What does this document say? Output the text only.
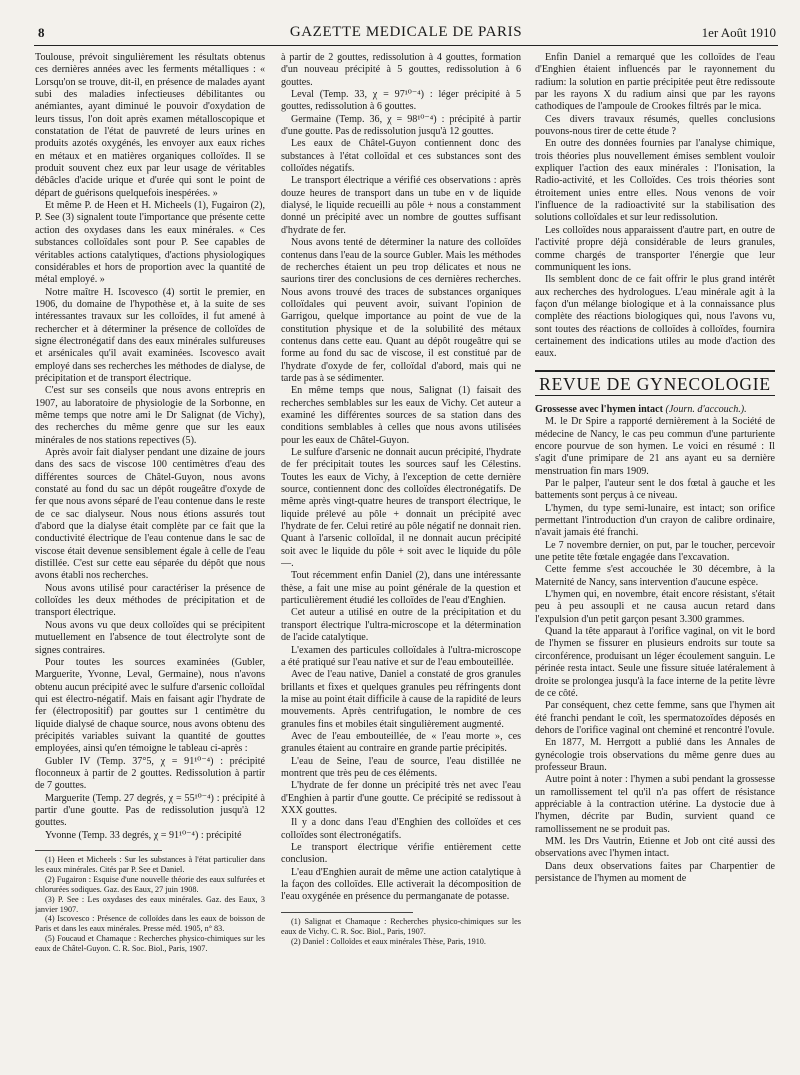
8	GAZETTE MEDICALE DE PARIS	1er Août 1910

Toulouse, prévoit singulièrement les résultats obtenus ces dernières années avec les ferments métalliques : « Lorsqu'on se trouve, dit-il, en présence de malades ayant subi des maladies infectieuses débilitantes ou anémiantes, ayant diminué le pouvoir d'oxydation de leurs tissus, l'on doit après examen métalloscopique et constatation de l'état de pauvreté de leurs urines en produits azotés oxygénés, les envoyer aux eaux riches en métaux et en matières organiques colloïdes. Il se produit souvent chez eux par leur usage de véritables débâcles d'acide urique et d'urée qui sont le point de départ de guérisons quelquefois inespérées. »

Et même P. de Heen et H. Micheels (1), Fugairon (2), P. See (3) signalent toute l'importance que présente cette action des oxydases dans les eaux minérales. « Ces substances colloïdales sont pour P. See capables de véritables actions catalytiques, d'actions physiologiques considérables et hors de proportion avec la quantité de métal employé. »

Notre maître H. Iscovesco (4) sortit le premier, en 1906, du domaine de l'hypothèse et, à la suite de ses intéressantes travaux sur les colloïdes, il fut amené à rechercher et à déterminer la présence de colloïdes de signe électronégatif dans des eaux minérales sulfureuses et arsénicales qu'il avait examinées. Iscovesco avait employé dans ses recherches les méthodes de dialyse, de précipitation et de transport électrique.

C'est sur ses conseils que nous avons entrepris en 1907, au laboratoire de physiologie de la Sorbonne, en même temps que notre ami le Dr Salignat (de Vichy), des recherches du même genre que sur les eaux minérales de nos stations repectives (5).

Après avoir fait dialyser pendant une dizaine de jours dans des sacs de viscose 100 centimètres d'eau des différentes sources de Châtel-Guyon, nous avons constaté au fond du sac un dépôt rougeâtre d'oxyde de fer que nous avons séparé de l'eau contenue dans le reste de ce sac dialyseur. Nous nous étions assurés tout d'abord que la dialyse était complète par ce fait que la conductivité électrique de l'eau contenue dans le sac de viscose était devenue sensiblement égale à celle de l'eau distillée. C'est sur cette eau séparée du dépôt que nous avons établi nos recherches.

Nous avons utilisé pour caractériser la présence de colloïdes les deux méthodes de précipitation et de transport électrique.

Nous avons vu que deux colloïdes qui se précipitent mutuellement en l'absence de tout électrolyte sont de signes contraires.

Pour toutes les sources examinées (Gubler, Marguerite, Yvonne, Leval, Germaine), nous n'avons obtenu aucun précipité avec le sulfure d'arsenic colloïdal qui est électro-négatif. Mais en faisant agir l'hydrate de fer (électropositif) par gouttes sur 1 centimètre du liquide dialysé de chaque source, nous avons obtenu des précipités variables suivant la quantité de gouttes employées, ainsi qu'en témoigne le tableau ci-après :

Gubler IV (Temp. 37°5, χ = 91¹⁰⁻⁴) : précipité floconneux à partir de 2 gouttes. Redissolution à partir de 7 gouttes.

Marguerite (Temp. 27 degrés, χ = 55¹⁰⁻⁴) : précipité à partir d'une goutte. Pas de redissolution jusqu'à 12 gouttes.

Yvonne (Temp. 33 degrés, χ = 91¹⁰⁻⁴) : précipité

(1) Heen et Micheels : Sur les substances à l'état particulier dans les eaux minérales. Cités par P. See et Daniel.

(2) Fugairon : Esquise d'une nouvelle théorie des eaux sulfurées et chlorurées sodiques. Gaz. des Eaux, 27 juin 1908.

(3) P. See : Les oxydases des eaux minérales. Gaz. des Eaux, 3 janvier 1907.

(4) Iscovesco : Présence de colloïdes dans les eaux de boisson de Paris et dans les eaux minérales. Presse méd. 1905, n° 83.

(5) Foucaud et Chamaque : Recherches physico-chimiques sur les eaux de Châtel-Guyon. C. R. Soc. Biol., Paris, 1907.

à partir de 2 gouttes, redissolution à 4 gouttes, formation d'un nouveau précipité à 5 gouttes, redissolution à 6 gouttes.

Leval (Temp. 33, χ = 97¹⁰⁻⁴) : léger précipité à 5 gouttes, redissolution à 6 gouttes.

Germaine (Temp. 36, χ = 98¹⁰⁻⁴) : précipité à partir d'une goutte. Pas de redissolution jusqu'à 12 gouttes.

Les eaux de Châtel-Guyon contiennent donc des substances à l'état colloïdal et ces substances sont des colloïdes négatifs.

Le transport électrique a vérifié ces observations : après douze heures de transport dans un tube en v de liquide dialysé, le liquide recueilli au pôle + nous a constamment donné un précipité avec un nombre de gouttes suffisant d'hydrate de fer.

Nous avons tenté de déterminer la nature des colloïdes contenus dans l'eau de la source Gubler. Mais les méthodes de recherches étaient un peu trop délicates et nous ne saurions tirer des conclusions de ces dernières recherches. Nous avons trouvé des traces de substances organiques colloïdales qui peuvent avoir, suivant l'opinion de Garrigou, quelque importance au point de vue de la constitution physique et de la solubilité des métaux contenus dans cette eau. Quant au dépôt rougeâtre qui se forme au fond du sac de viscose, il est constitué par de l'hydrate d'oxyde de fer, colloïdal d'abord, mais qui ne tarde pas à se sédimenter.

En même temps que nous, Salignat (1) faisait des recherches semblables sur les eaux de Vichy. Cet auteur a examiné les différentes sources de sa station dans des conditions semblables à celles que nous avons utilisées pour les eaux de Châtel-Guyon.

Le sulfure d'arsenic ne donnait aucun précipité, l'hydrate de fer précipitait toutes les sources sauf les Célestins. Toutes les eaux de Vichy, à l'exception de cette dernière source, contiennent donc des colloïdes électronégatifs. De même après vingt-quatre heures de transport électrique, le liquide prélevé au pôle + donnait un précipité avec l'hydrate de fer. Celui retiré au pôle négatif ne donnait rien. Quant à l'arsenic colloïdal, il ne donnait aucun précipité soit avec le liquide du pôle + soit avec le liquide du pôle —.

Tout récemment enfin Daniel (2), dans une intéressante thèse, a fait une mise au point générale de la question et particulièrement étudié les colloïdes de l'eau d'Enghien.

Cet auteur a utilisé en outre de la précipitation et du transport électrique l'ultra-microscope et la détermination de l'acide catalytique.

L'examen des particules colloïdales à l'ultra-microscope a été pratiqué sur l'eau native et sur de l'eau embouteillée.

Avec de l'eau native, Daniel a constaté de gros granules brillants et fixes et quelques granules peu réfringents dont la mise au point était difficile à cause de la rapidité de leurs mouvements. Après centrifugation, le nombre de ces granules fins et mobiles était singulièrement augmenté.

Avec de l'eau embouteillée, de « l'eau morte », ces granules étaient au contraire en grande partie précipités.

L'eau de Seine, l'eau de source, l'eau distillée ne montrent que très peu de ces éléments.

L'hydrate de fer donne un précipité très net avec l'eau d'Enghien à partir d'une goutte. Ce précipité se redissout à XXX gouttes.

Il y a donc dans l'eau d'Enghien des colloïdes et ces colloïdes sont électronégatifs.

Le transport électrique vérifie entièrement cette conclusion.

L'eau d'Enghien aurait de même une action catalytique à la façon des colloïdes. Elle activerait la décomposition de l'eau oxygénée en présence du permanganate de potasse.

(1) Salignat et Chamaque : Recherches physico-chimiques sur les eaux de Vichy. C. R. Soc. Biol., Paris, 1907.

(2) Daniel : Colloïdes et eaux minérales Thèse, Paris, 1910.

Enfin Daniel a remarqué que les colloïdes de l'eau d'Enghien étaient influencés par le rayonnement du radium: la solution en partie précipitée peut être redissoute par les rayons X du radium ainsi que par les rayons cathodiques de l'ampoule de Crookes filtrés par le mica.

Ces divers travaux résumés, quelles conclusions pouvons-nous tirer de cette étude ?

En outre des données fournies par l'analyse chimique, trois théories plus nouvellement émises semblent vouloir expliquer l'action des eaux minérales : l'Ionisation, la Radio-activité, et les Colloïdes. Ces trois théories sont étroitement unies entre elles. Nous venons de voir l'influence de la radioactivité sur la stabilisation des solutions colloïdales et sur leur redissolution.

Les colloïdes nous apparaissent d'autre part, en outre de l'activité propre déjà considérable de leurs granules, comme chargés de transporter l'énergie que leur communiquent les ions.

Ils semblent donc de ce fait offrir le plus grand intérêt aux recherches des hydrologues. L'eau minérale agit à la façon d'un mélange biologique et à la connaissance plus complète des réactions biologiques qui, nous l'avons vu, sont toutes des réactions de colloïdes à colloïdes, fournira certainement des indications utiles au mode d'action des eaux.

REVUE DE GYNECOLOGIE

Grossesse avec l'hymen intact (Journ. d'accouch.).

M. le Dr Spire a rapporté dernièrement à la Société de médecine de Nancy, le cas peu commun d'une parturiente encore pourvue de son hymen. Le voici en résumé : Il s'agit d'une primipare de 21 ans ayant eu sa dernière menstruation fin mars 1909.

Par le palper, l'auteur sent le dos fœtal à gauche et les battements sont perçus à ce niveau.

L'hymen, du type semi-lunaire, est intact; son orifice permettant l'introduction d'un crayon de calibre ordinaire, n'avait jamais été franchi.

Le 7 novembre dernier, on put, par le toucher, percevoir une petite tête fœtale engagée dans l'excavation.

Cette femme s'est accouchée le 30 décembre, à la Maternité de Nancy, sans intervention d'aucune espèce.

L'hymen qui, en novembre, était encore résistant, s'était peu à peu assoupli et ne causa aucun retard dans l'expulsion d'un petit garçon pesant 3.300 grammes.

Quand la tête apparaut à l'orifice vaginal, on vit le bord de l'hymen se fissurer en plusieurs endroits sur toute sa circonférence, produisant un léger écoulement sanguin. Le périnée resta intact. Seule une fissure située latéralement à droite se prolongea jusqu'à la face interne de la petite lèvre de ce côté.

Par conséquent, chez cette femme, sans que l'hymen ait été franchi pendant le coït, les spermatozoïdes déposés en dehors de l'orifice vaginal ont cheminé et rencontré l'ovule.

En 1877, M. Herrgott a publié dans les Annales de gynécologie trois observations du même genre dues au professeur Braun.

Autre point à noter : l'hymen a subi pendant la grossesse un ramollissement tel qu'il n'a pas offert de résistance appréciable à la contraction utérine. La dystocie due à l'hymen, décrite par Budin, survient quand ce ramollissement ne se produit pas.

MM. les Drs Vautrin, Etienne et Job ont cité aussi des observations avec l'hymen intact.

Dans deux observations faites par Charpentier de persistance de l'hymen au moment de
